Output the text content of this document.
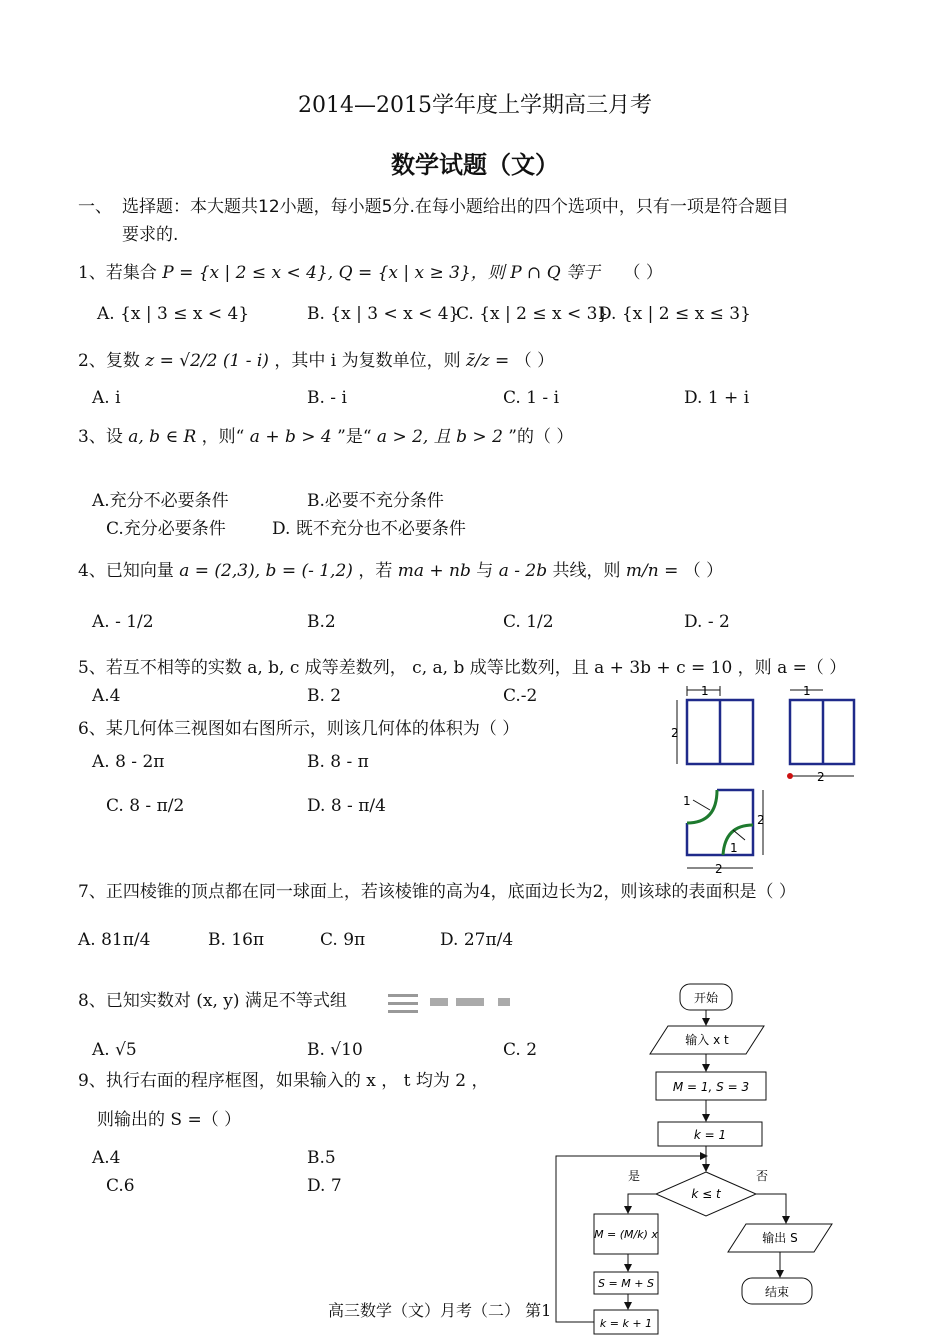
2014—2015学年度上学期高三月考
数学试题（文）
一、 选择题：本大题共12小题，每小题5分.在每小题给出的四个选项中，只有一项是符合题目
要求的.
1、若集合 P = {x | 2 ≤ x < 4}, Q = {x | x ≥ 3}，则 P ∩ Q 等于 （ ）
A. {x | 3 ≤ x < 4}	B. {x | 3 < x < 4}
C. {x | 2 ≤ x < 3}
D. {x | 2 ≤ x ≤ 3}
2、复数 z = √2/2 (1 - i) ，其中 i 为复数单位，则 z̄/z = （ ）
A. i	B. - i	C. 1 - i	D. 1 + i
3、设 a, b ∈ R ，则“ a + b > 4 ”是“ a > 2, 且 b > 2 ”的（ ）
A.充分不必要条件	B.必要不充分条件
C.充分必要条件	D. 既不充分也不必要条件
4、已知向量 a = (2,3), b = (- 1,2) ，若 ma + nb 与 a - 2b 共线，则 m/n = （ ）
A. - 1/2	B.2	C. 1/2	D. - 2
5、若互不相等的实数 a, b, c 成等差数列， c, a, b 成等比数列，且 a + 3b + c = 10 ，则 a =（ ）
A.4	B. 2	C.-2
6、某几何体三视图如右图所示，则该几何体的体积为（ ）
A. 8 - 2π	B. 8 - π
C. 8 - π/2	D. 8 - π/4
1
2
1
2
1
2
1
2
7、正四棱锥的顶点都在同一球面上，若该棱锥的高为4，底面边长为2，则该球的表面积是（ ）
A. 81π/4	B. 16π	C. 9π	D. 27π/4
8、已知实数对 (x, y) 满足不等式组
A. √5	B. √10	C. 2
9、执行右面的程序框图，如果输入的 x ， t 均为 2 ，
则输出的 S =（ ）
A.4	B.5
C.6	D. 7
开始
输入 x t
M = 1, S = 3
k = 1
k ≤ t
是	否
M = (M/k) x
S = M + S
k = k + 1
输出 S
结束
高三数学（文）月考（二） 第1
